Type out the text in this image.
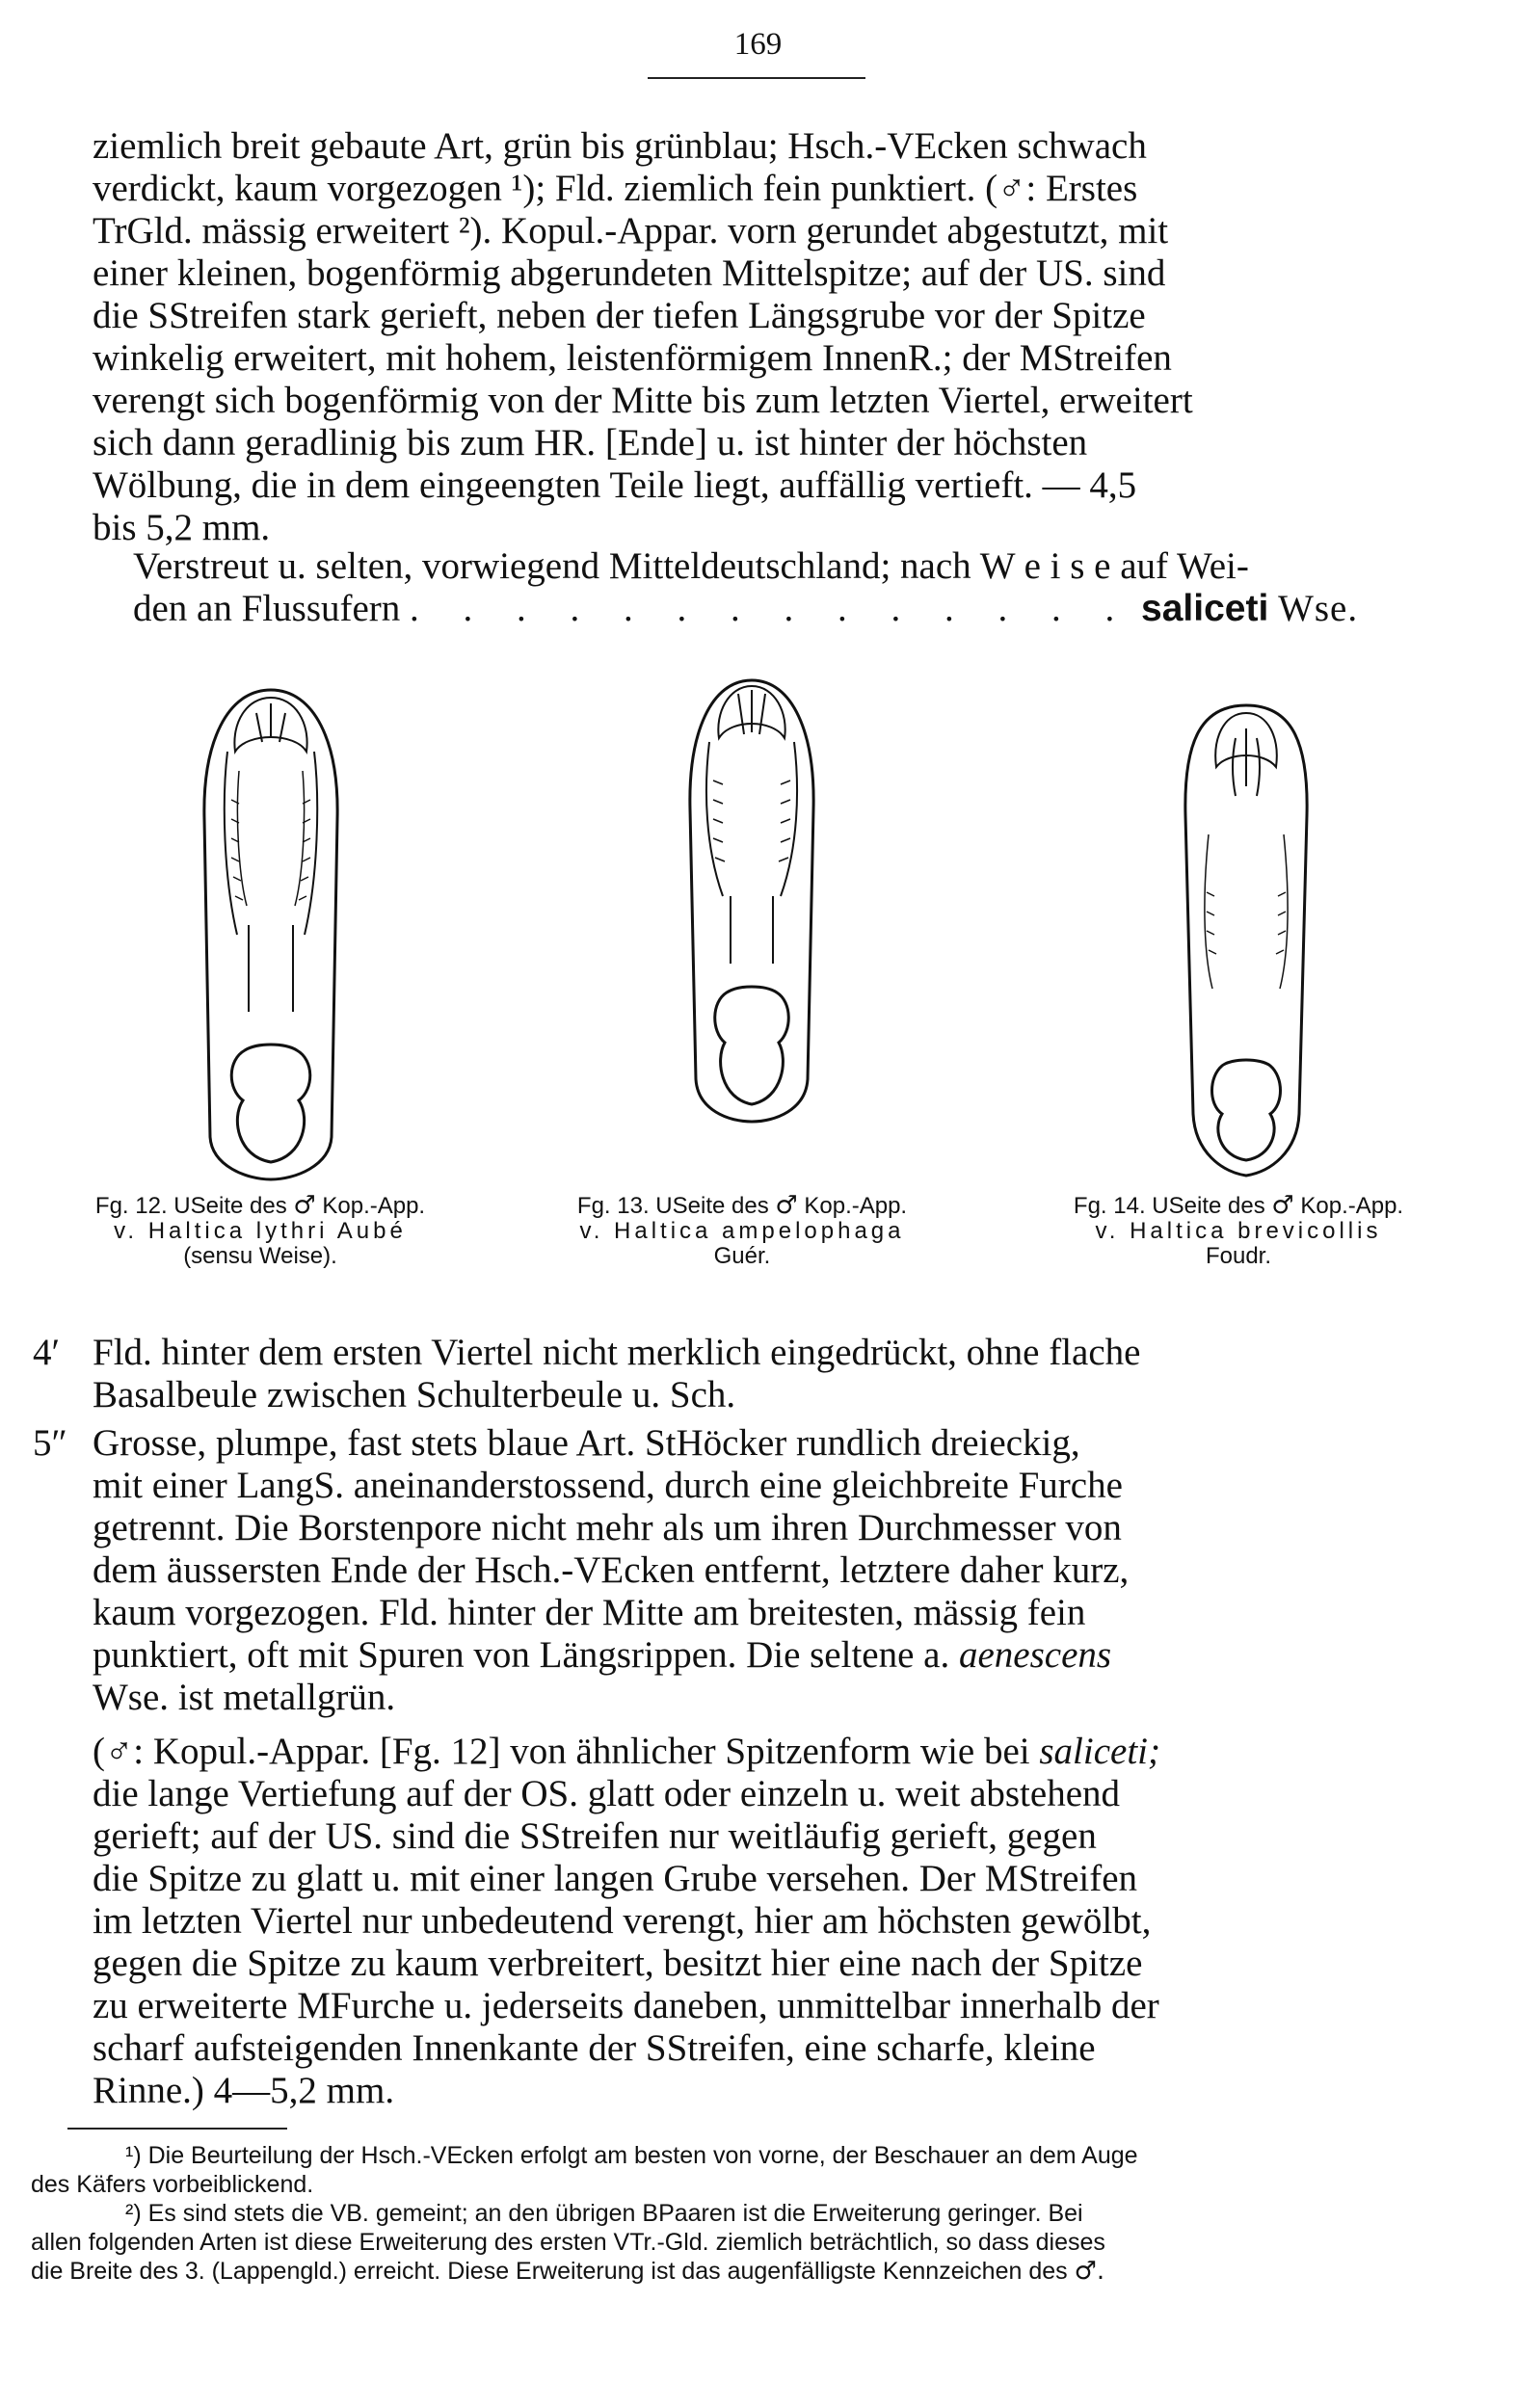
169
ziemlich breit gebaute Art, grün bis grünblau; Hsch.-VEcken schwach
verdickt, kaum vorgezogen ¹); Fld. ziemlich fein punktiert. (♂: Erstes
TrGld. mässig erweitert ²). Kopul.-Appar. vorn gerundet abgestutzt, mit
einer kleinen, bogenförmig abgerundeten Mittelspitze; auf der US. sind
die SStreifen stark gerieft, neben der tiefen Längsgrube vor der Spitze
winkelig erweitert, mit hohem, leistenförmigem InnenR.; der MStreifen
verengt sich bogenförmig von der Mitte bis zum letzten Viertel, erweitert
sich dann geradlinig bis zum HR. [Ende] u. ist hinter der höchsten
Wölbung, die in dem eingeengten Teile liegt, auffällig vertieft. — 4,5
bis 5,2 mm.
Verstreut u. selten, vorwiegend Mitteldeutschland; nach W e i s e auf Wei-
den an Flussufern . . . . . . . . . . . . . . saliceti Wse.
Fg. 12. USeite des ♂ Kop.-App.
v. Haltica lythri Aubé
(sensu Weise).
Fg. 13. USeite des ♂ Kop.-App.
v. Haltica ampelophaga
Guér.
Fg. 14. USeite des ♂ Kop.-App.
v. Haltica brevicollis
Foudr.
4′ Fld. hinter dem ersten Viertel nicht merklich eingedrückt, ohne flache
Basalbeule zwischen Schulterbeule u. Sch.
5″ Grosse, plumpe, fast stets blaue Art. StHöcker rundlich dreieckig,
mit einer LangS. aneinanderstossend, durch eine gleichbreite Furche
getrennt. Die Borstenpore nicht mehr als um ihren Durchmesser von
dem äussersten Ende der Hsch.-VEcken entfernt, letztere daher kurz,
kaum vorgezogen. Fld. hinter der Mitte am breitesten, mässig fein
punktiert, oft mit Spuren von Längsrippen. Die seltene a. aenescens
Wse. ist metallgrün.
(♂: Kopul.-Appar. [Fg. 12] von ähnlicher Spitzenform wie bei saliceti;
die lange Vertiefung auf der OS. glatt oder einzeln u. weit abstehend
gerieft; auf der US. sind die SStreifen nur weitläufig gerieft, gegen
die Spitze zu glatt u. mit einer langen Grube versehen. Der MStreifen
im letzten Viertel nur unbedeutend verengt, hier am höchsten gewölbt,
gegen die Spitze zu kaum verbreitert, besitzt hier eine nach der Spitze
zu erweiterte MFurche u. jederseits daneben, unmittelbar innerhalb der
scharf aufsteigenden Innenkante der SStreifen, eine scharfe, kleine
Rinne.) 4—5,2 mm.
¹) Die Beurteilung der Hsch.-VEcken erfolgt am besten von vorne, der Beschauer an dem Auge
des Käfers vorbeiblickend.
²) Es sind stets die VB. gemeint; an den übrigen BPaaren ist die Erweiterung geringer. Bei
allen folgenden Arten ist diese Erweiterung des ersten VTr.-Gld. ziemlich beträchtlich, so dass dieses
die Breite des 3. (Lappengld.) erreicht. Diese Erweiterung ist das augenfälligste Kennzeichen des ♂.
